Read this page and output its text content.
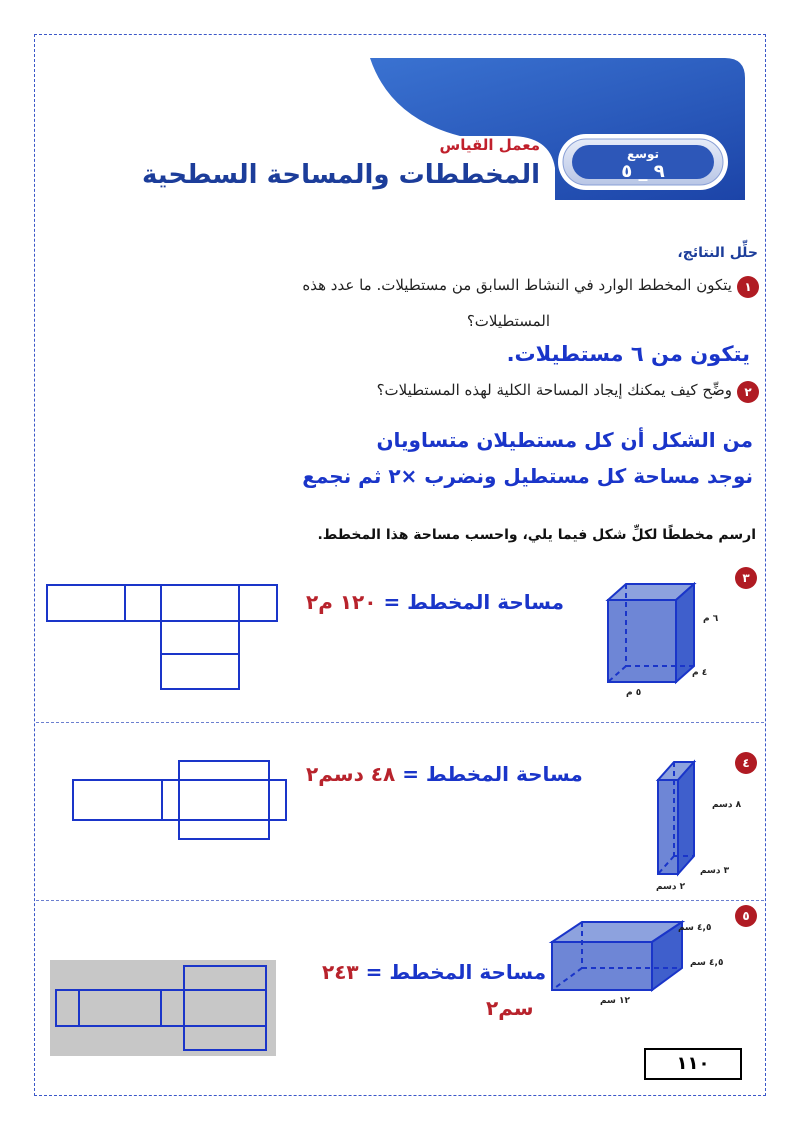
معمل القياس
المخططات والمساحة السطحية
توسع
٩ _ ٥
حلِّل النتائج،
١
يتكون المخطط الوارد في النشاط السابق من مستطيلات. ما عدد هذه
المستطيلات؟
يتكون من ٦ مستطيلات.
٢
وضِّح كيف يمكنك إيجاد المساحة الكلية لهذه المستطيلات؟
من الشكل أن كل مستطيلان متساويان
نوجد مساحة كل مستطيل ونضرب ×٢ ثم نجمع
ارسم مخططًا لكلِّ شكل فيما يلي، واحسب مساحة هذا المخطط.
٣
مساحة المخطط = ١٢٠ م٢
٦ م
٤ م
٥ م
٤
مساحة المخطط = ٤٨ دسم٢
٨ دسم
٣ دسم
٢ دسم
٥
مساحة المخطط = ٢٤٣
سم٢
٤,٥ سم
٤,٥ سم
١٢ سم
١١٠
